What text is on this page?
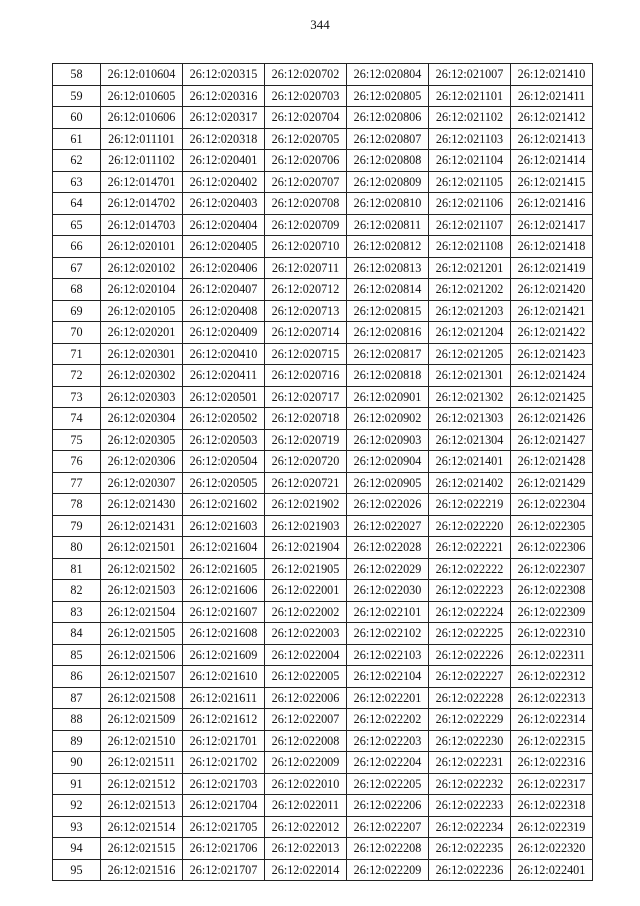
344
58	26:12:010604	26:12:020315	26:12:020702	26:12:020804	26:12:021007	26:12:021410
59	26:12:010605	26:12:020316	26:12:020703	26:12:020805	26:12:021101	26:12:021411
60	26:12:010606	26:12:020317	26:12:020704	26:12:020806	26:12:021102	26:12:021412
61	26:12:011101	26:12:020318	26:12:020705	26:12:020807	26:12:021103	26:12:021413
62	26:12:011102	26:12:020401	26:12:020706	26:12:020808	26:12:021104	26:12:021414
63	26:12:014701	26:12:020402	26:12:020707	26:12:020809	26:12:021105	26:12:021415
64	26:12:014702	26:12:020403	26:12:020708	26:12:020810	26:12:021106	26:12:021416
65	26:12:014703	26:12:020404	26:12:020709	26:12:020811	26:12:021107	26:12:021417
66	26:12:020101	26:12:020405	26:12:020710	26:12:020812	26:12:021108	26:12:021418
67	26:12:020102	26:12:020406	26:12:020711	26:12:020813	26:12:021201	26:12:021419
68	26:12:020104	26:12:020407	26:12:020712	26:12:020814	26:12:021202	26:12:021420
69	26:12:020105	26:12:020408	26:12:020713	26:12:020815	26:12:021203	26:12:021421
70	26:12:020201	26:12:020409	26:12:020714	26:12:020816	26:12:021204	26:12:021422
71	26:12:020301	26:12:020410	26:12:020715	26:12:020817	26:12:021205	26:12:021423
72	26:12:020302	26:12:020411	26:12:020716	26:12:020818	26:12:021301	26:12:021424
73	26:12:020303	26:12:020501	26:12:020717	26:12:020901	26:12:021302	26:12:021425
74	26:12:020304	26:12:020502	26:12:020718	26:12:020902	26:12:021303	26:12:021426
75	26:12:020305	26:12:020503	26:12:020719	26:12:020903	26:12:021304	26:12:021427
76	26:12:020306	26:12:020504	26:12:020720	26:12:020904	26:12:021401	26:12:021428
77	26:12:020307	26:12:020505	26:12:020721	26:12:020905	26:12:021402	26:12:021429
78	26:12:021430	26:12:021602	26:12:021902	26:12:022026	26:12:022219	26:12:022304
79	26:12:021431	26:12:021603	26:12:021903	26:12:022027	26:12:022220	26:12:022305
80	26:12:021501	26:12:021604	26:12:021904	26:12:022028	26:12:022221	26:12:022306
81	26:12:021502	26:12:021605	26:12:021905	26:12:022029	26:12:022222	26:12:022307
82	26:12:021503	26:12:021606	26:12:022001	26:12:022030	26:12:022223	26:12:022308
83	26:12:021504	26:12:021607	26:12:022002	26:12:022101	26:12:022224	26:12:022309
84	26:12:021505	26:12:021608	26:12:022003	26:12:022102	26:12:022225	26:12:022310
85	26:12:021506	26:12:021609	26:12:022004	26:12:022103	26:12:022226	26:12:022311
86	26:12:021507	26:12:021610	26:12:022005	26:12:022104	26:12:022227	26:12:022312
87	26:12:021508	26:12:021611	26:12:022006	26:12:022201	26:12:022228	26:12:022313
88	26:12:021509	26:12:021612	26:12:022007	26:12:022202	26:12:022229	26:12:022314
89	26:12:021510	26:12:021701	26:12:022008	26:12:022203	26:12:022230	26:12:022315
90	26:12:021511	26:12:021702	26:12:022009	26:12:022204	26:12:022231	26:12:022316
91	26:12:021512	26:12:021703	26:12:022010	26:12:022205	26:12:022232	26:12:022317
92	26:12:021513	26:12:021704	26:12:022011	26:12:022206	26:12:022233	26:12:022318
93	26:12:021514	26:12:021705	26:12:022012	26:12:022207	26:12:022234	26:12:022319
94	26:12:021515	26:12:021706	26:12:022013	26:12:022208	26:12:022235	26:12:022320
95	26:12:021516	26:12:021707	26:12:022014	26:12:022209	26:12:022236	26:12:022401
